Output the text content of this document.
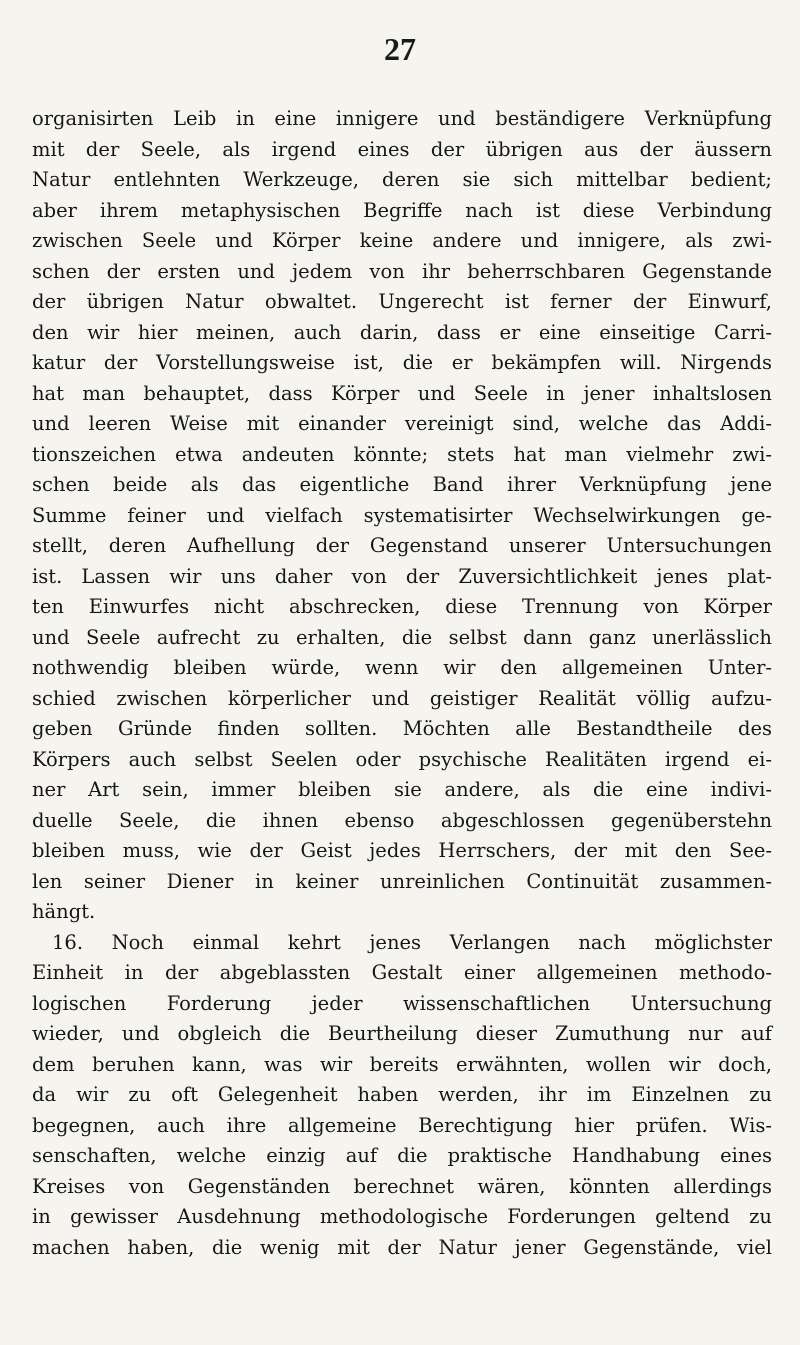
27
organisirten Leib in eine innigere und beständigere Verknüpfung
mit der Seele, als irgend eines der übrigen aus der äussern
Natur entlehnten Werkzeuge, deren sie sich mittelbar bedient;
aber ihrem metaphysischen Begriffe nach ist diese Verbindung
zwischen Seele und Körper keine andere und innigere, als zwi-
schen der ersten und jedem von ihr beherrschbaren Gegenstande
der übrigen Natur obwaltet. Ungerecht ist ferner der Einwurf,
den wir hier meinen, auch darin, dass er eine einseitige Carri-
katur der Vorstellungsweise ist, die er bekämpfen will. Nirgends
hat man behauptet, dass Körper und Seele in jener inhaltslosen
und leeren Weise mit einander vereinigt sind, welche das Addi-
tionszeichen etwa andeuten könnte; stets hat man vielmehr zwi-
schen beide als das eigentliche Band ihrer Verknüpfung jene
Summe feiner und vielfach systematisirter Wechselwirkungen ge-
stellt, deren Aufhellung der Gegenstand unserer Untersuchungen
ist. Lassen wir uns daher von der Zuversichtlichkeit jenes plat-
ten Einwurfes nicht abschrecken, diese Trennung von Körper
und Seele aufrecht zu erhalten, die selbst dann ganz unerlässlich
nothwendig bleiben würde, wenn wir den allgemeinen Unter-
schied zwischen körperlicher und geistiger Realität völlig aufzu-
geben Gründe finden sollten. Möchten alle Bestandtheile des
Körpers auch selbst Seelen oder psychische Realitäten irgend ei-
ner Art sein, immer bleiben sie andere, als die eine indivi-
duelle Seele, die ihnen ebenso abgeschlossen gegenüberstehn
bleiben muss, wie der Geist jedes Herrschers, der mit den See-
len seiner Diener in keiner unreinlichen Continuität zusammen-
hängt.
16. Noch einmal kehrt jenes Verlangen nach möglichster
Einheit in der abgeblassten Gestalt einer allgemeinen methodo-
logischen Forderung jeder wissenschaftlichen Untersuchung
wieder, und obgleich die Beurtheilung dieser Zumuthung nur auf
dem beruhen kann, was wir bereits erwähnten, wollen wir doch,
da wir zu oft Gelegenheit haben werden, ihr im Einzelnen zu
begegnen, auch ihre allgemeine Berechtigung hier prüfen. Wis-
senschaften, welche einzig auf die praktische Handhabung eines
Kreises von Gegenständen berechnet wären, könnten allerdings
in gewisser Ausdehnung methodologische Forderungen geltend zu
machen haben, die wenig mit der Natur jener Gegenstände, viel
